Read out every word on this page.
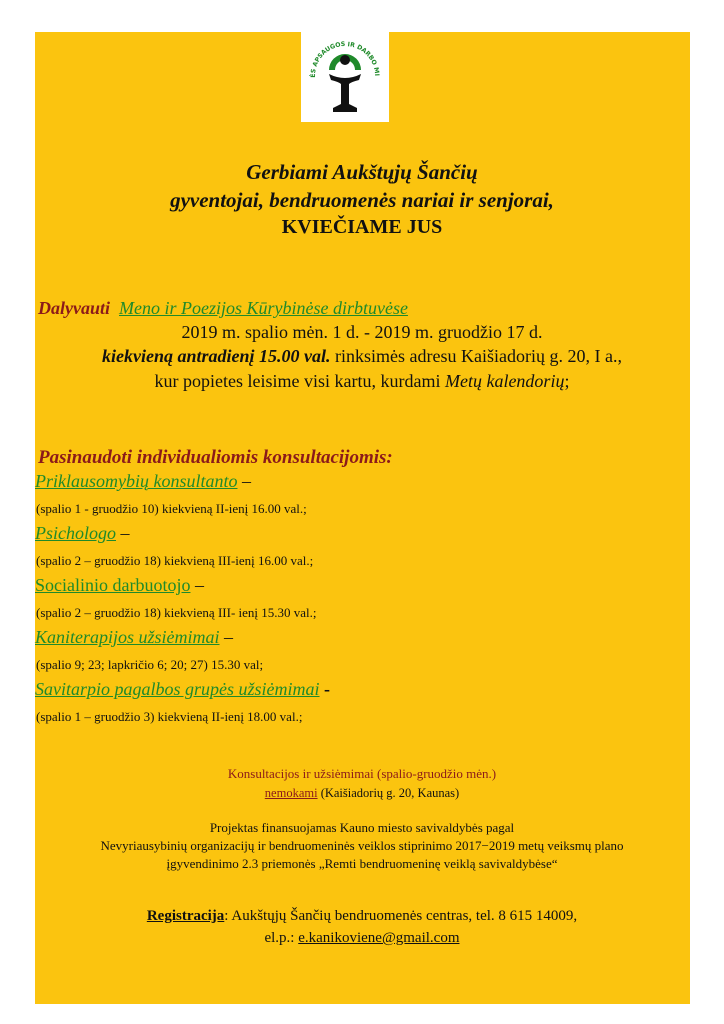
ĖS APSAUGOS IR DARBO MI
Gerbiami Aukštųjų Šančių
gyventojai, bendruomenės nariai ir senjorai,
KVIEČIAME JUS
Dalyvauti Meno ir Poezijos Kūrybinėse dirbtuvėse
2019 m. spalio mėn. 1 d. - 2019 m. gruodžio 17 d.
kiekvieną antradienį 15.00 val. rinksimės adresu Kaišiadorių g. 20, I a.,
kur popietes leisime visi kartu, kurdami Metų kalendorių;
Pasinaudoti individualiomis konsultacijomis:
Priklausomybių konsultanto –
(spalio 1 - gruodžio 10) kiekvieną II-ienį 16.00 val.;
Psichologo –
(spalio 2 – gruodžio 18) kiekvieną III-ienį 16.00 val.;
Socialinio darbuotojo –
(spalio 2 – gruodžio 18) kiekvieną III- ienį 15.30 val.;
Kaniterapijos užsiėmimai –
(spalio 9; 23; lapkričio 6; 20; 27) 15.30 val;
Savitarpio pagalbos grupės užsiėmimai -
(spalio 1 – gruodžio 3) kiekvieną II-ienį 18.00 val.;
Konsultacijos ir užsiėmimai (spalio-gruodžio mėn.)
nemokami (Kaišiadorių g. 20, Kaunas)
Projektas finansuojamas Kauno miesto savivaldybės pagal
Nevyriausybinių organizacijų ir bendruomeninės veiklos stiprinimo 2017−2019 metų veiksmų plano
įgyvendinimo 2.3 priemonės „Remti bendruomeninę veiklą savivaldybėse“
Registracija: Aukštųjų Šančių bendruomenės centras, tel. 8 615 14009,
el.p.: e.kanikoviene@gmail.com
